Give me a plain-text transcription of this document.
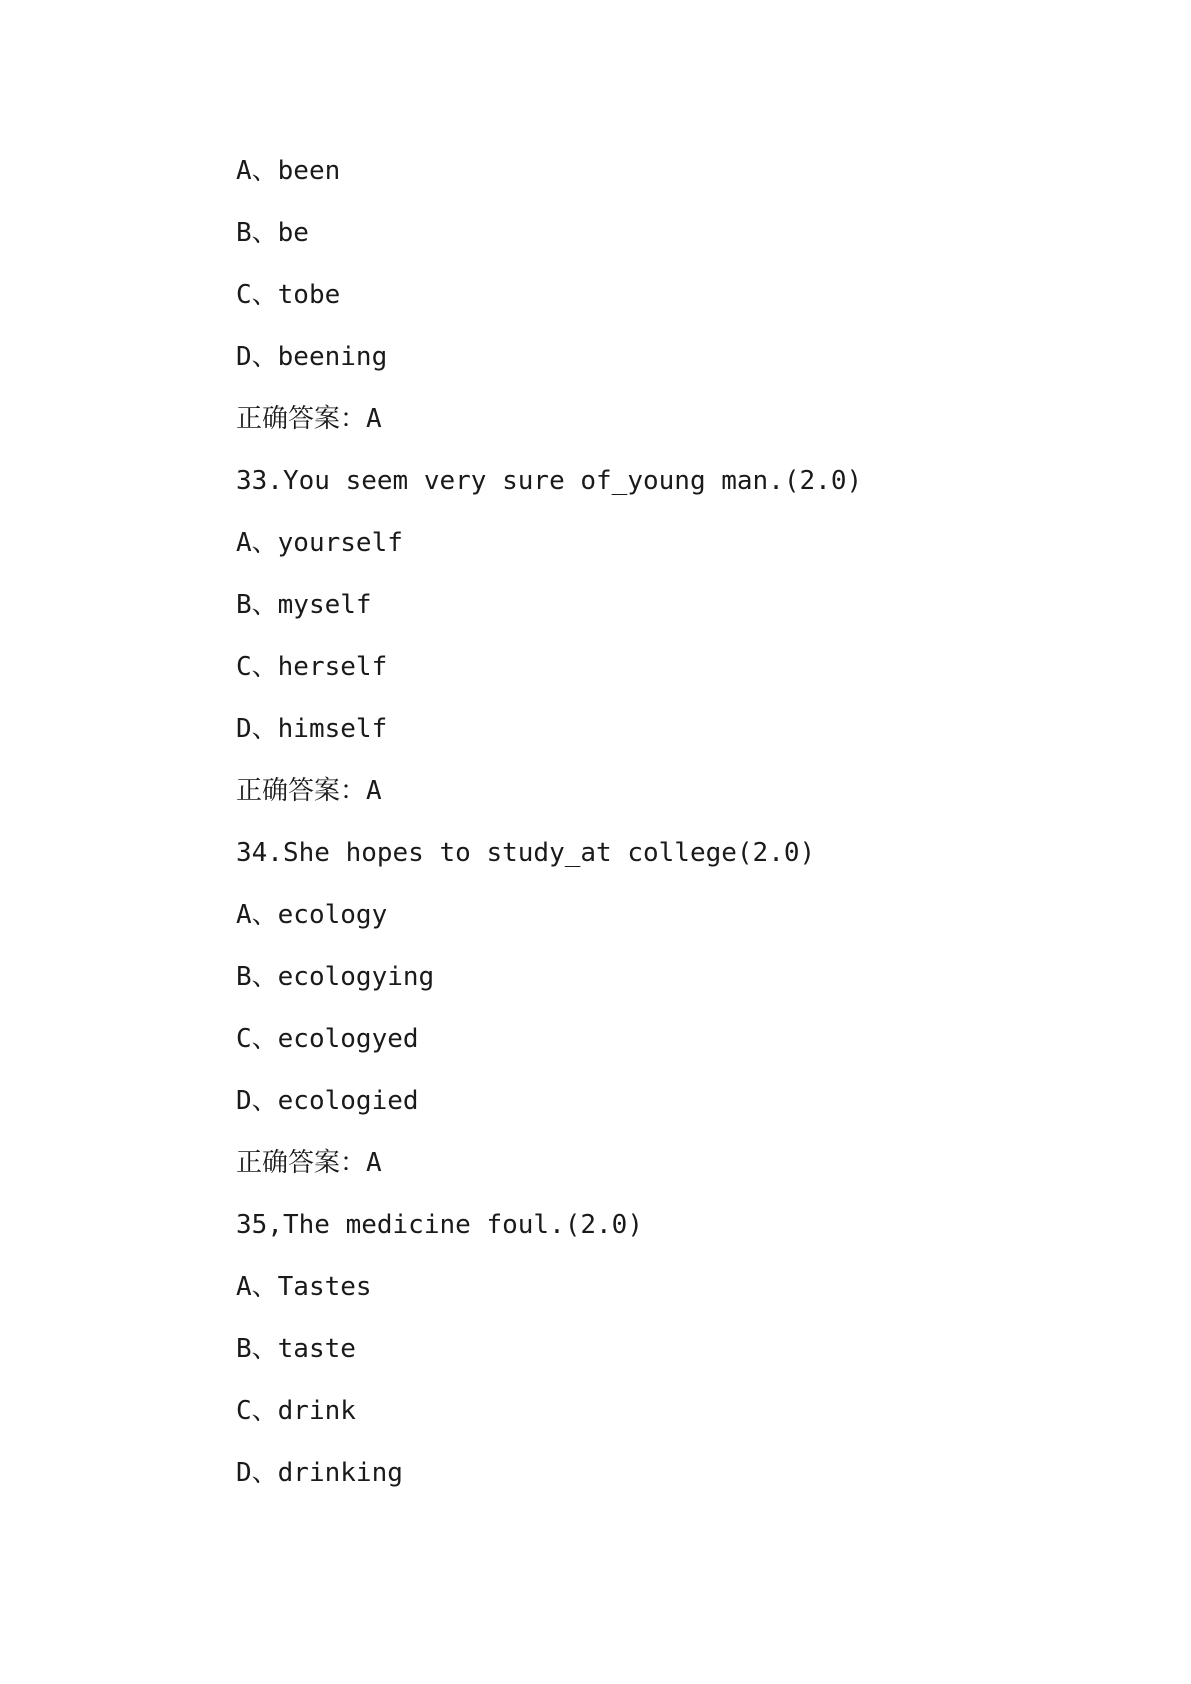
A、been
B、be
C、tobe
D、beening
正确答案：A
33.You seem very sure of_young man.(2.0)
A、yourself
B、myself
C、herself
D、himself
正确答案：A
34.She hopes to study_at college(2.0)
A、ecology
B、ecologying
C、ecologyed
D、ecologied
正确答案：A
35,The medicine foul.(2.0)
A、Tastes
B、taste
C、drink
D、drinking
